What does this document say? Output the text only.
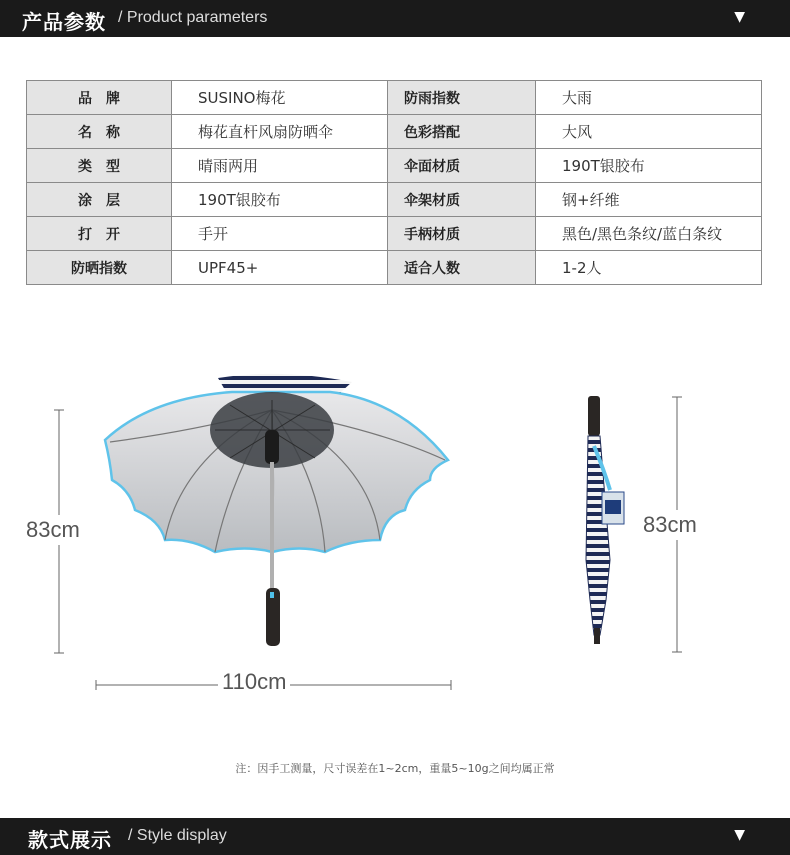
产品参数 / Product parameters	▼
品　牌	SUSINO梅花	防雨指数	大雨
名　称	梅花直杆风扇防晒伞	色彩搭配	大风
类　型	晴雨两用	伞面材质	190T银胶布
涂　层	190T银胶布	伞架材质	钢+纤维
打　开	手开	手柄材质	黑色/黑色条纹/蓝白条纹
防晒指数	UPF45+	适合人数	1-2人
83cm
110cm
83cm
注：因手工测量，尺寸误差在1~2cm，重量5~10g之间均属正常
款式展示 / Style display	▼
